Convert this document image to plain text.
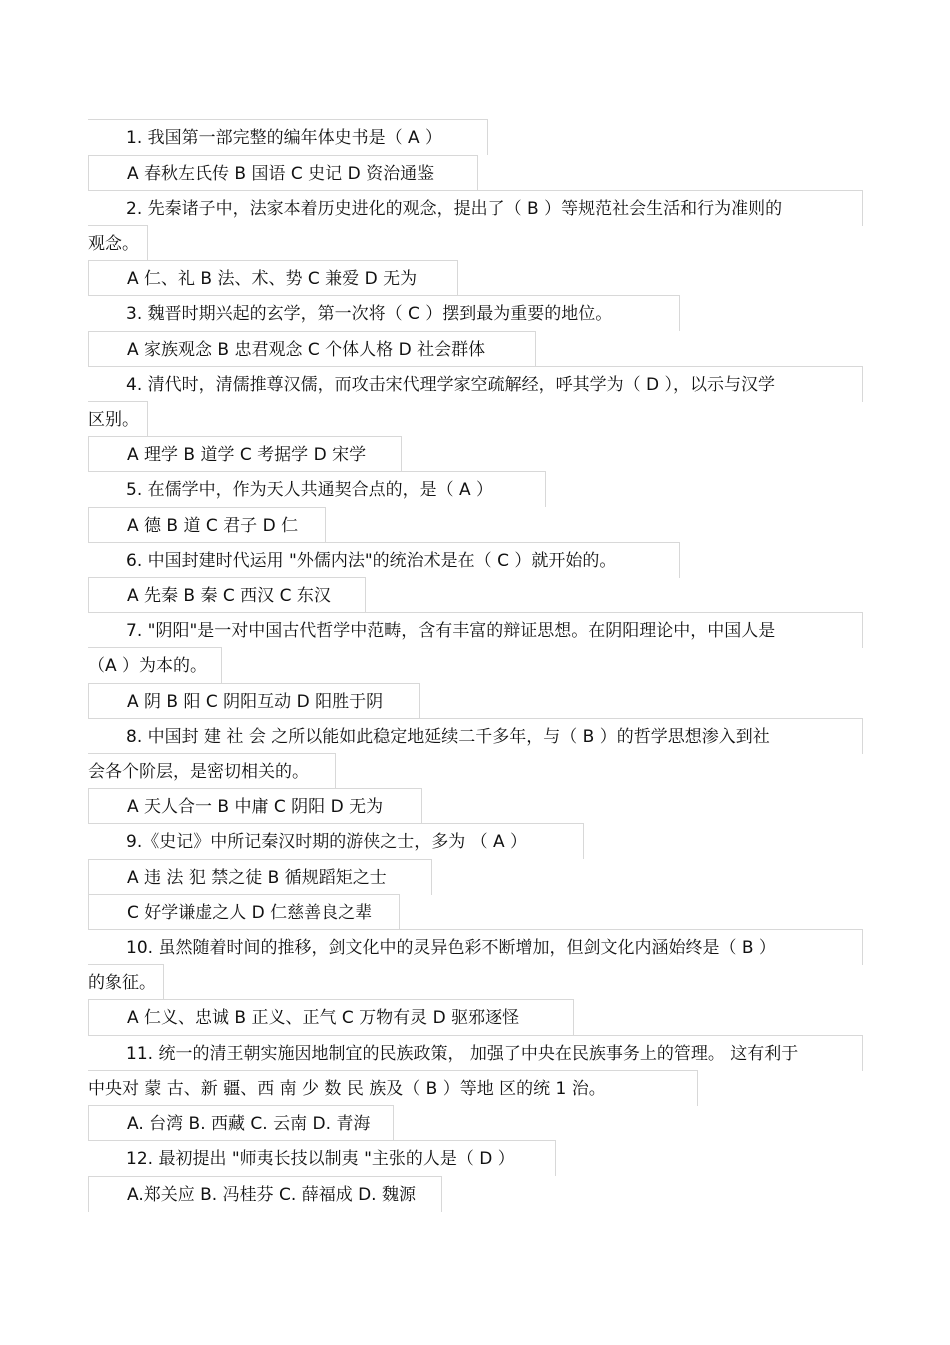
1. 我国第一部完整的编年体史书是（ A ）
A 春秋左氏传 B 国语 C 史记 D 资治通鉴
2. 先秦诸子中，法家本着历史进化的观念，提出了（ B ）等规范社会生活和行为准则的
观念。
A 仁、礼 B 法、术、势 C 兼爱 D 无为
3. 魏晋时期兴起的玄学，第一次将（ C ）摆到最为重要的地位。
A 家族观念 B 忠君观念 C 个体人格 D 社会群体
4. 清代时，清儒推尊汉儒，而攻击宋代理学家空疏解经，呼其学为（ D ），以示与汉学
区别。
A 理学 B 道学 C 考据学 D 宋学
5. 在儒学中，作为天人共通契合点的，是（ A ）
A 德 B 道 C 君子 D 仁
6. 中国封建时代运用 "外儒内法"的统治术是在（ C ）就开始的。
A 先秦 B 秦 C 西汉 C 东汉
7. "阴阳"是一对中国古代哲学中范畴，含有丰富的辩证思想。在阴阳理论中，中国人是
（A ）为本的。
A 阴 B 阳 C 阴阳互动 D 阳胜于阴
8. 中国封 建 社 会 之所以能如此稳定地延续二千多年，与（ B ）的哲学思想渗入到社
会各个阶层，是密切相关的。
A 天人合一 B 中庸 C 阴阳 D 无为
9.《史记》中所记秦汉时期的游侠之士，多为 （ A ）
A 违 法 犯 禁之徒 B 循规蹈矩之士
C 好学谦虚之人 D 仁慈善良之辈
10. 虽然随着时间的推移，剑文化中的灵异色彩不断增加，但剑文化内涵始终是（ B ）
的象征。
A 仁义、忠诚 B 正义、正气 C 万物有灵 D 驱邪逐怪
11. 统一的清王朝实施因地制宜的民族政策， 加强了中央在民族事务上的管理。 这有利于
中央对 蒙 古、新 疆、西 南 少 数 民 族及（ B ）等地 区的统 1 治。
A. 台湾 B. 西藏 C. 云南 D. 青海
12. 最初提出 "师夷长技以制夷 "主张的人是（ D ）
A.郑关应 B. 冯桂芬 C. 薛福成 D. 魏源
